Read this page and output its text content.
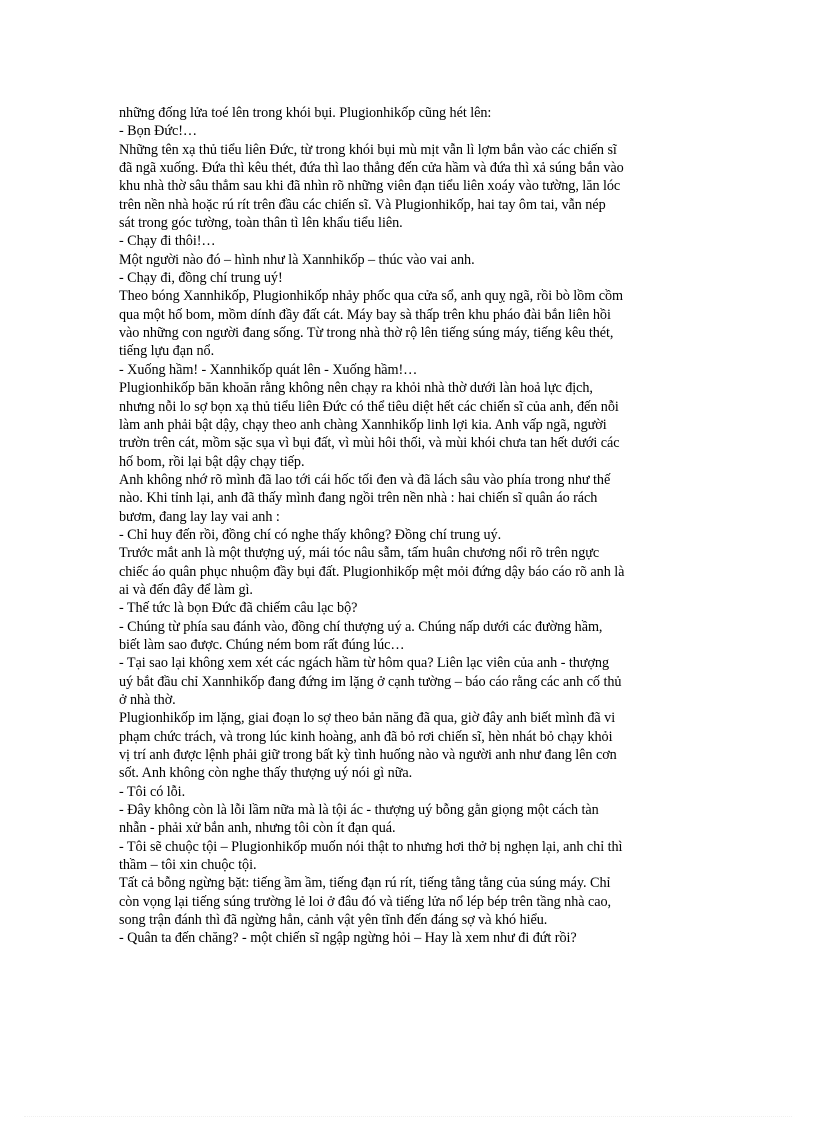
những đống lửa toé lên trong khói bụi. Plugionhikốp cũng hét lên:
- Bọn Đức!…
Những tên xạ thủ tiểu liên Đức, từ trong khói bụi mù mịt vẫn lì lợm bắn vào các chiến sĩ
đã ngã xuống. Đứa thì kêu thét, đứa thì lao thẳng đến cửa hầm và đứa thì xả súng bắn vào
khu nhà thờ sâu thẳm sau khi đã nhìn rõ những viên đạn tiểu liên xoáy vào tường, lăn lóc
trên nền nhà hoặc rú rít trên đầu các chiến sĩ. Và Plugionhikốp, hai tay ôm tai, vẫn nép
sát trong góc tường, toàn thân tì lên khẩu tiểu liên.
- Chạy đi thôi!…
Một người nào đó – hình như là Xannhikốp – thúc vào vai anh.
- Chạy đi, đồng chí trung uý!
Theo bóng Xannhikốp, Plugionhikốp nhảy phốc qua cửa sổ, anh quỵ ngã, rồi bò lồm cồm
qua một hố bom, mồm dính đầy đất cát. Máy bay sà thấp trên khu pháo đài bắn liên hồi
vào những con người đang sống. Từ trong nhà thờ rộ lên tiếng súng máy, tiếng kêu thét,
tiếng lựu đạn nổ.
- Xuống hầm! - Xannhikốp quát lên - Xuống hầm!…
Plugionhikốp băn khoăn rằng không nên chạy ra khỏi nhà thờ dưới làn hoả lực địch,
nhưng nỗi lo sợ bọn xạ thủ tiểu liên Đức có thể tiêu diệt hết các chiến sĩ của anh, đến nỗi
làm anh phải bật dậy, chạy theo anh chàng Xannhikốp linh lợi kia. Anh vấp ngã, người
trườn trên cát, mồm sặc sụa vì bụi đất, vì mùi hôi thối, và mùi khói chưa tan hết dưới các
hố bom, rồi lại bật dậy chạy tiếp.
Anh không nhớ rõ mình đã lao tới cái hốc tối đen và đã lách sâu vào phía trong như thế
nào. Khi tỉnh lại, anh đã thấy mình đang ngồi trên nền nhà : hai chiến sĩ quân áo rách
bươm, đang lay lay vai anh :
- Chỉ huy đến rồi, đồng chí có nghe thấy không? Đồng chí trung uý.
Trước mắt anh là một thượng uý, mái tóc nâu sẫm, tấm huân chương nổi rõ trên ngực
chiếc áo quân phục nhuộm đầy bụi đất. Plugionhikốp mệt mỏi đứng dậy báo cáo rõ anh là
ai và đến đây để làm gì.
- Thế tức là bọn Đức đã chiếm câu lạc bộ?
- Chúng từ phía sau đánh vào, đồng chí thượng uý a. Chúng nấp dưới các đường hầm,
biết làm sao được. Chúng ném bom rất đúng lúc…
- Tại sao lại không xem xét các ngách hầm từ hôm qua? Liên lạc viên của anh - thượng
uý bắt đầu chỉ Xannhikốp đang đứng im lặng ở cạnh tường – báo cáo rằng các anh cố thủ
ở nhà thờ.
Plugionhikốp im lặng, giai đoạn lo sợ theo bản năng đã qua, giờ đây anh biết mình đã vi
phạm chức trách, và trong lúc kinh hoàng, anh đã bỏ rơi chiến sĩ, hèn nhát bỏ chạy khỏi
vị trí anh được lệnh phải giữ trong bất kỳ tình huống nào và người anh như đang lên cơn
sốt. Anh không còn nghe thấy thượng uý nói gì nữa.
- Tôi có lỗi.
- Đây không còn là lỗi lầm nữa mà là tội ác - thượng uý bỗng gằn giọng một cách tàn
nhẫn - phải xử bắn anh, nhưng tôi còn ít đạn quá.
- Tôi sẽ chuộc tội – Plugionhikốp muốn nói thật to nhưng hơi thở bị nghẹn lại, anh chỉ thì
thầm – tôi xin chuộc tội.
Tất cả bỗng ngừng bặt: tiếng ầm ầm, tiếng đạn rú rít, tiếng tằng tằng của súng máy. Chỉ
còn vọng lại tiếng súng trường lẻ loi ở đâu đó và tiếng lửa nổ lép bép trên tầng nhà cao,
song trận đánh thì đã ngừng hẳn, cảnh vật yên tĩnh đến đáng sợ và khó hiểu.
- Quân ta đến chăng? - một chiến sĩ ngập ngừng hỏi – Hay là xem như đi đứt rồi?
